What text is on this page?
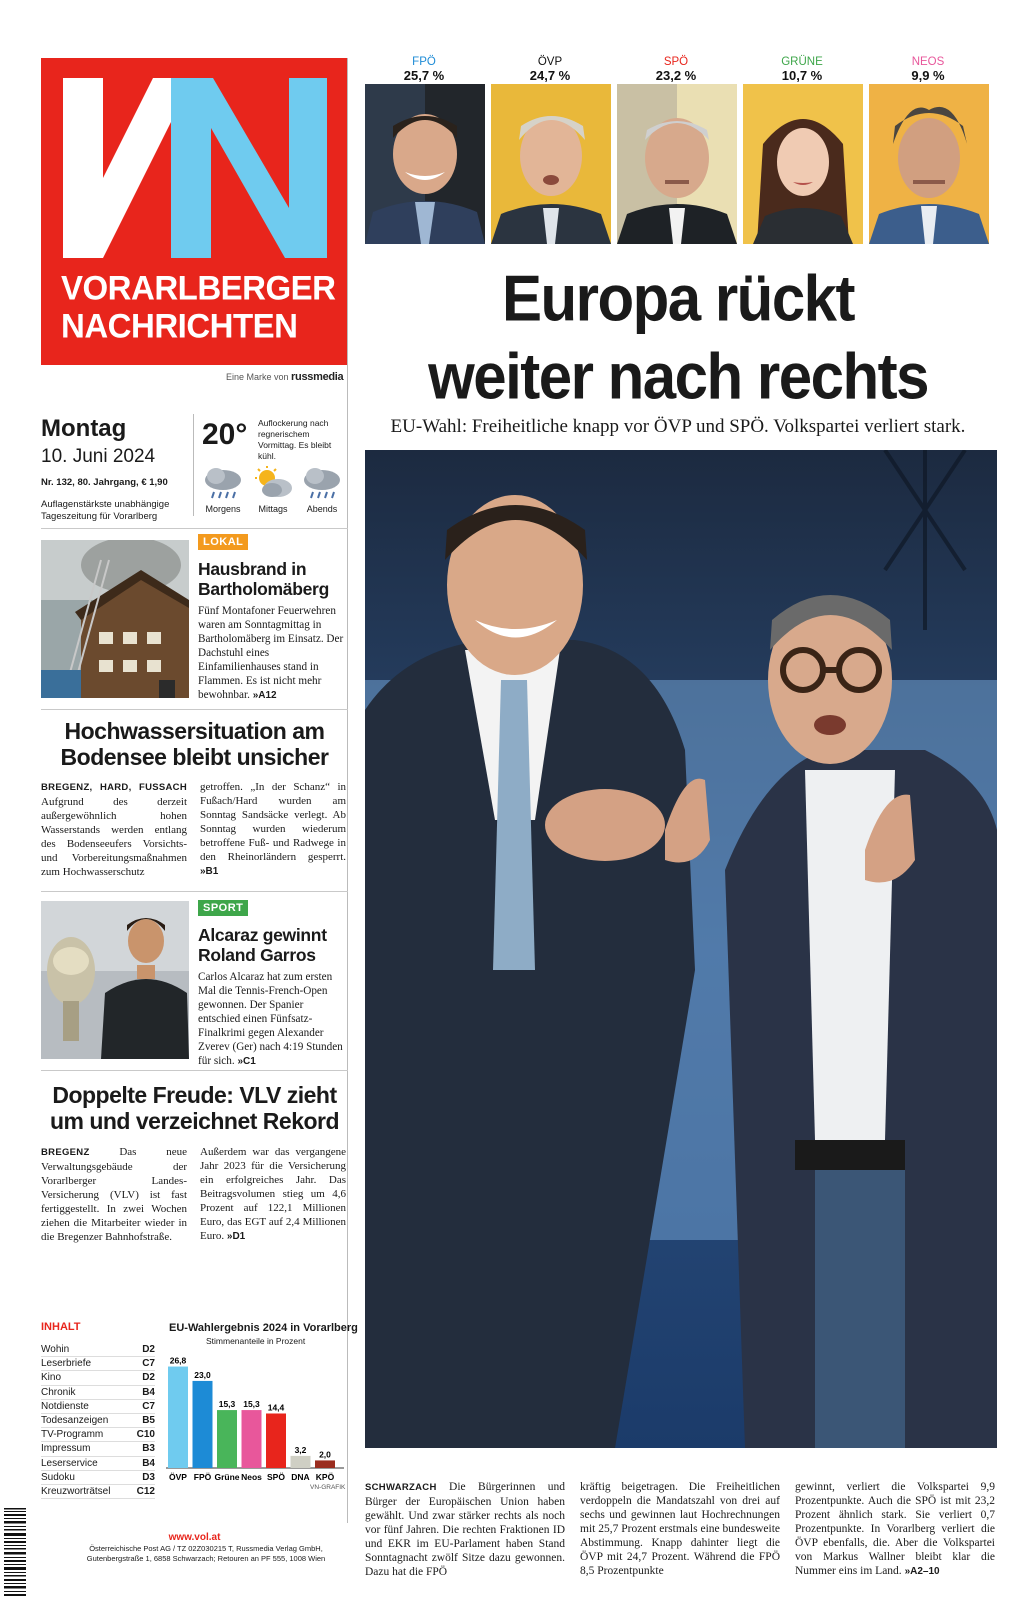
VORARLBERGER
NACHRICHTEN
Eine Marke von russmedia
Montag
10. Juni 2024
Nr. 132, 80. Jahrgang, € 1,90
Auflagenstärkste unabhängige Tageszeitung für Vorarlberg
20° Auflockerung nach regnerischem Vormittag. Es bleibt kühl.
Morgens	Mittags	Abends
LOKAL
Hausbrand in Bartholomäberg
Fünf Montafoner Feuerwehren waren am Sonntagmittag in Bartholomäberg im Einsatz. Der Dachstuhl eines Einfamilienhauses stand in Flammen. Es ist nicht mehr bewohnbar. »A12
Hochwassersituation am Bodensee bleibt unsicher
BREGENZ, HARD, FUSSACH Aufgrund des derzeit außergewöhnlich hohen Wasserstands werden entlang des Bodenseeufers Vorsichts- und Vorbereitungsmaßnahmen zum Hochwasserschutz
getroffen. „In der Schanz“ in Fußach/Hard wurden am Sonntag Sandsäcke verlegt. Ab Sonntag wurden wiederum betroffene Fuß- und Radwege in den Rheinorländern gesperrt. »B1
SPORT
Alcaraz gewinnt Roland Garros
Carlos Alcaraz hat zum ersten Mal die Tennis-French-Open gewonnen. Der Spanier entschied einen Fünfsatz-Finalkrimi gegen Alexander Zverev (Ger) nach 4:19 Stunden für sich. »C1
Doppelte Freude: VLV zieht um und verzeichnet Rekord
BREGENZ	Das neue Verwaltungsgebäude der Vorarlberger Landes-Versicherung (VLV) ist fast fertiggestellt. In zwei Wochen ziehen die Mitarbeiter wieder in die Bregenzer Bahnhofstraße.
Außerdem war das vergangene Jahr 2023 für die Versicherung ein erfolgreiches Jahr. Das Beitragsvolumen stieg um 4,6 Prozent auf 122,1 Millionen Euro, das EGT auf 2,4 Millionen Euro. »D1
INHALT
Wohin	D2
Leserbriefe	C7
Kino	D2
Chronik	B4
Notdienste	C7
Todesanzeigen	B5
TV-Programm	C10
Impressum	B3
Leserservice	B4
Sudoku	D3
Kreuzworträtsel	C12
EU-Wahlergebnis 2024 in Vorarlberg
Stimmenanteile in Prozent
26,8
ÖVP
23,0
FPÖ
15,3
Grüne
15,3
Neos
14,4
SPÖ
3,2
DNA
2,0
KPÖ
VN-GRAFIK
www.vol.at
Österreichische Post AG / TZ 02Z030215 T, Russmedia Verlag GmbH, Gutenbergstraße 1, 6858 Schwarzach; Retouren an PF 555, 1008 Wien
FPÖ
25,7 %
ÖVP
24,7 %
SPÖ
23,2 %
GRÜNE
10,7 %
NEOS
9,9 %
Europa rückt
weiter nach rechts
EU-Wahl: Freiheitliche knapp vor ÖVP und SPÖ. Volkspartei verliert stark.
SCHWARZACH Die Bürgerinnen und Bürger der Europäischen Union haben gewählt. Und zwar stärker rechts als noch vor fünf Jahren. Die rechten Fraktionen ID und EKR im EU-Parlament haben Stand Sonntagnacht zwölf Sitze dazu gewonnen. Dazu hat die FPÖ
kräftig beigetragen. Die Freiheitlichen verdoppeln die Mandatszahl von drei auf sechs und gewinnen laut Hochrechnungen mit 25,7 Prozent erstmals eine bundesweite Abstimmung. Knapp dahinter liegt die ÖVP mit 24,7 Prozent. Während die FPÖ 8,5 Prozentpunkte
gewinnt, verliert die Volkspartei 9,9 Prozentpunkte. Auch die SPÖ ist mit 23,2 Prozent ähnlich stark. Sie verliert 0,7 Prozentpunkte. In Vorarlberg verliert die ÖVP ebenfalls, die. Aber die Volkspartei von Markus Wallner bleibt klar die Nummer eins im Land. »A2–10
